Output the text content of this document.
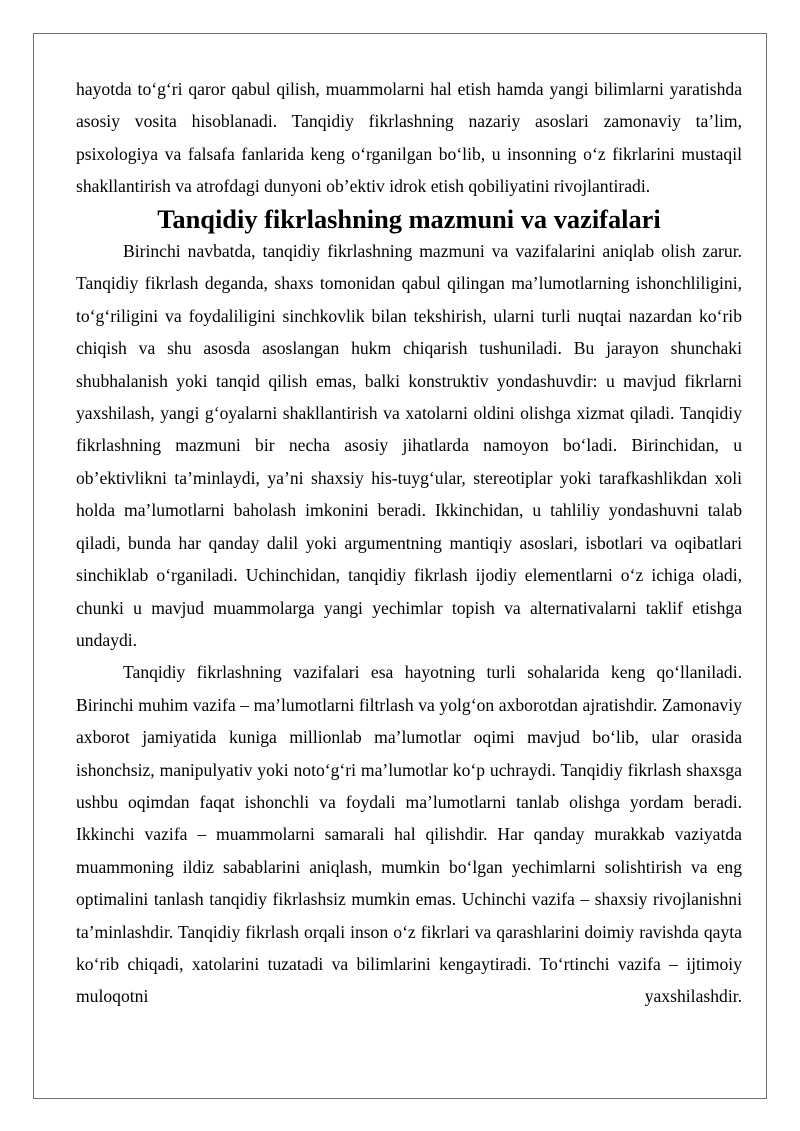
hayotda to‘g‘ri qaror qabul qilish, muammolarni hal etish hamda yangi bilimlarni yaratishda asosiy vosita hisoblanadi. Tanqidiy fikrlashning nazariy asoslari zamonaviy ta’lim, psixologiya va falsafa fanlarida keng o‘rganilgan bo‘lib, u insonning o‘z fikrlarini mustaqil shakllantirish va atrofdagi dunyoni ob’ektiv idrok etish qobiliyatini rivojlantiradi.

Tanqidiy fikrlashning mazmuni va vazifalari

Birinchi navbatda, tanqidiy fikrlashning mazmuni va vazifalarini aniqlab olish zarur. Tanqidiy fikrlash deganda, shaxs tomonidan qabul qilingan ma’lumotlarning ishonchliligini, to‘g‘riligini va foydaliligini sinchkovlik bilan tekshirish, ularni turli nuqtai nazardan ko‘rib chiqish va shu asosda asoslangan hukm chiqarish tushuniladi. Bu jarayon shunchaki shubhalanish yoki tanqid qilish emas, balki konstruktiv yondashuvdir: u mavjud fikrlarni yaxshilash, yangi g‘oyalarni shakllantirish va xatolarni oldini olishga xizmat qiladi. Tanqidiy fikrlashning mazmuni bir necha asosiy jihatlarda namoyon bo‘ladi. Birinchidan, u ob’ektivlikni ta’minlaydi, ya’ni shaxsiy his-tuyg‘ular, stereotiplar yoki tarafkashlikdan xoli holda ma’lumotlarni baholash imkonini beradi. Ikkinchidan, u tahliliy yondashuvni talab qiladi, bunda har qanday dalil yoki argumentning mantiqiy asoslari, isbotlari va oqibatlari sinchiklab o‘rganiladi. Uchinchidan, tanqidiy fikrlash ijodiy elementlarni o‘z ichiga oladi, chunki u mavjud muammolarga yangi yechimlar topish va alternativalarni taklif etishga undaydi.

Tanqidiy fikrlashning vazifalari esa hayotning turli sohalarida keng qo‘llaniladi. Birinchi muhim vazifa – ma’lumotlarni filtrlash va yolg‘on axborotdan ajratishdir. Zamonaviy axborot jamiyatida kuniga millionlab ma’lumotlar oqimi mavjud bo‘lib, ular orasida ishonchsiz, manipulyativ yoki noto‘g‘ri ma’lumotlar ko‘p uchraydi. Tanqidiy fikrlash shaxsga ushbu oqimdan faqat ishonchli va foydali ma’lumotlarni tanlab olishga yordam beradi. Ikkinchi vazifa – muammolarni samarali hal qilishdir. Har qanday murakkab vaziyatda muammoning ildiz sabablarini aniqlash, mumkin bo‘lgan yechimlarni solishtirish va eng optimalini tanlash tanqidiy fikrlashsiz mumkin emas. Uchinchi vazifa – shaxsiy rivojlanishni ta’minlashdir. Tanqidiy fikrlash orqali inson o‘z fikrlari va qarashlarini doimiy ravishda qayta ko‘rib chiqadi, xatolarini tuzatadi va bilimlarini kengaytiradi. To‘rtinchi vazifa – ijtimoiy muloqotni yaxshilashdir.
